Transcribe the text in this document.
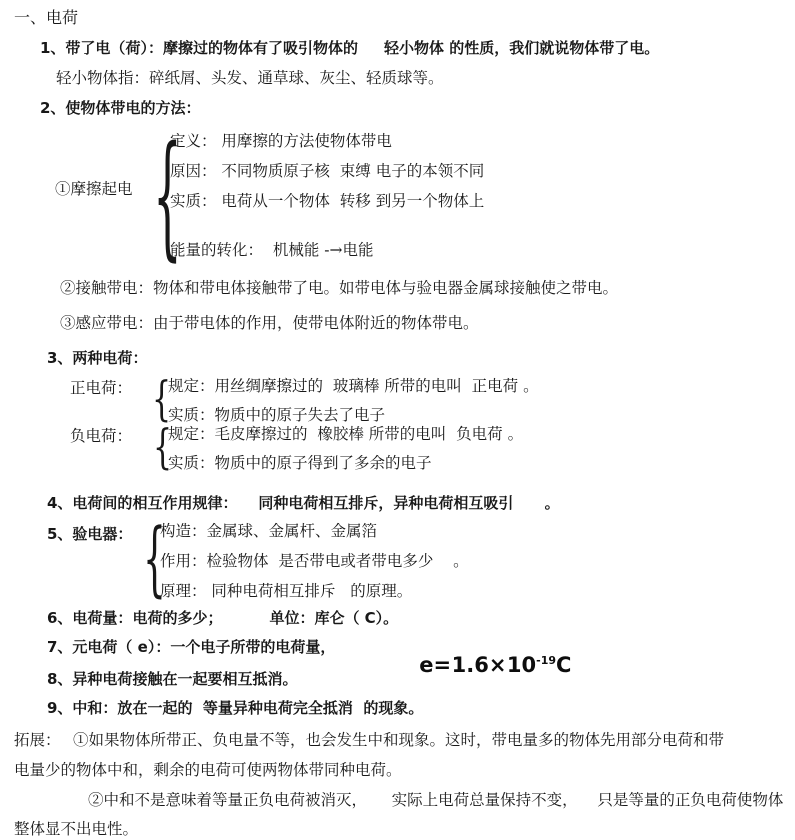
一、电荷
1、带了电（荷）：摩擦过的物体有了吸引物体的     轻小物体 的性质，我们就说物体带了电。
轻小物体指：碎纸屑、头发、通草球、灰尘、轻质球等。
2、使物体带电的方法：
①摩擦起电 {
定义： 用摩擦的方法使物体带电
原因： 不同物质原子核  束缚 电子的本领不同
实质： 电荷从一个物体  转移 到另一个物体上
能量的转化：  机械能 -→电能
②接触带电：物体和带电体接触带了电。如带电体与验电器金属球接触使之带电。
③感应带电：由于带电体的作用，使带电体附近的物体带电。
3、两种电荷：
正电荷： {
规定：用丝绸摩擦过的  玻璃棒 所带的电叫  正电荷 。
实质：物质中的原子失去了电子
负电荷： {
规定：毛皮摩擦过的  橡胶棒 所带的电叫  负电荷 。
实质：物质中的原子得到了多余的电子
4、电荷间的相互作用规律：    同种电荷相互排斥，异种电荷相互吸引      。
5、验电器： {
构造：金属球、金属杆、金属箔
作用：检验物体  是否带电或者带电多少    。
原理： 同种电荷相互排斥   的原理。
6、电荷量：电荷的多少；         单位：库仑（ C）。
7、元电荷（ e）：一个电子所带的电荷量，

$e=1.6\times 10^{-19}C$

8、异种电荷接触在一起要相互抵消。
9、中和：放在一起的  等量异种电荷完全抵消  的现象。
拓展： ①如果物体所带正、负电量不等，也会发生中和现象。这时，带电量多的物体先用部分电荷和带
电量少的物体中和，剩余的电荷可使两物体带同种电荷。
②中和不是意味着等量正负电荷被消灭，     实际上电荷总量保持不变，    只是等量的正负电荷使物体
整体显不出电性。
